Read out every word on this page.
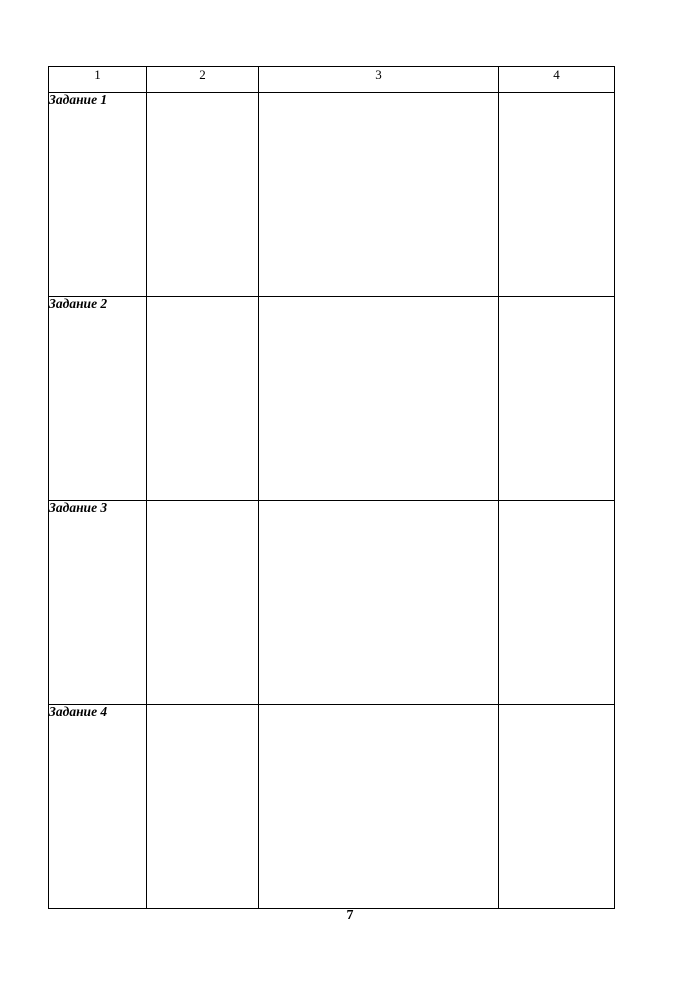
1	2	3	4
Задание 1			
Задание 2			
Задание 3			
Задание 4			
7
